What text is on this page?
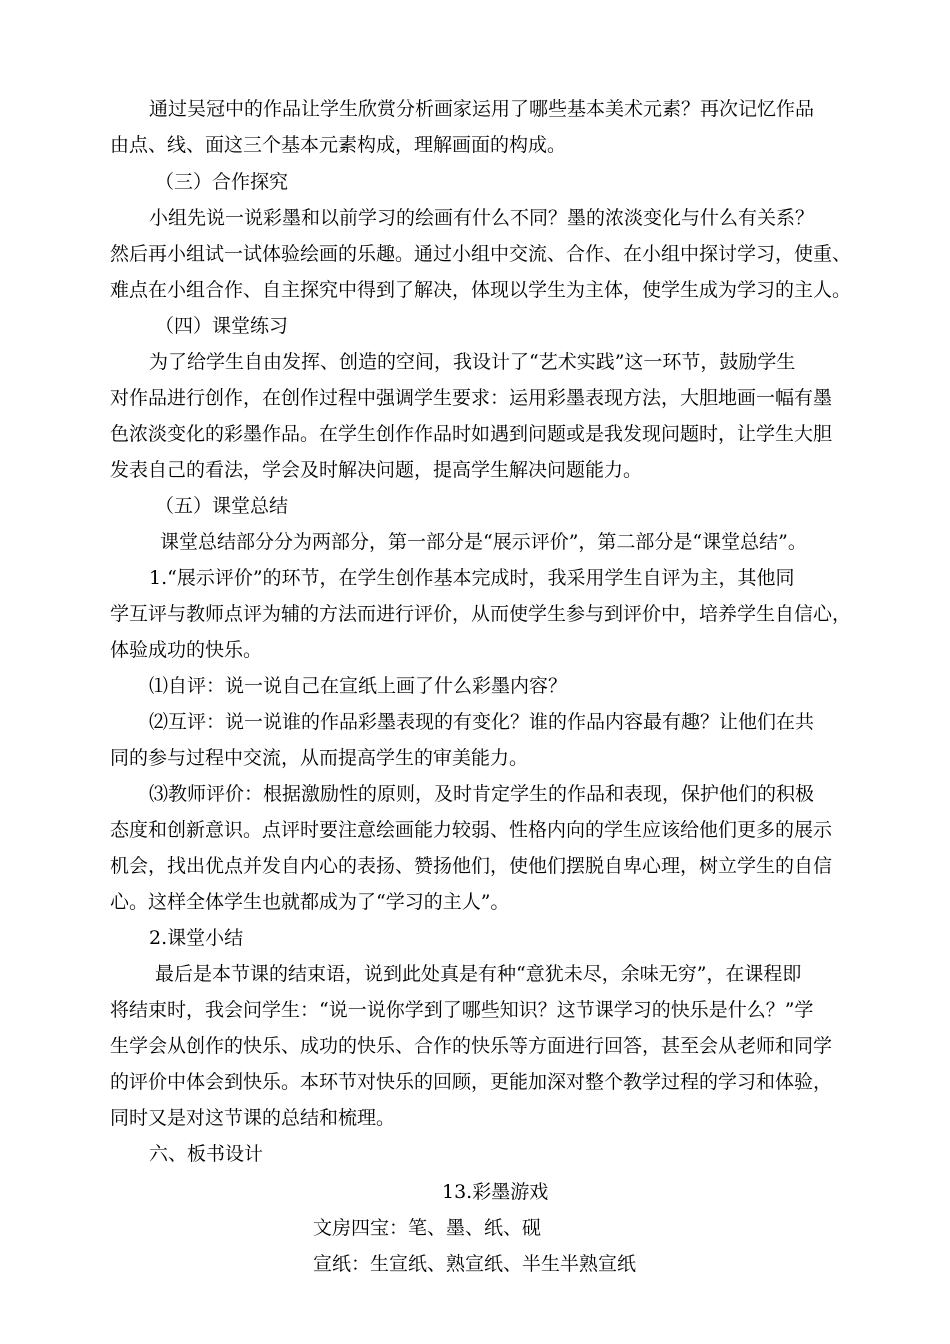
通过吴冠中的作品让学生欣赏分析画家运用了哪些基本美术元素？再次记忆作品
由点、线、面这三个基本元素构成，理解画面的构成。
（三）合作探究
小组先说一说彩墨和以前学习的绘画有什么不同？墨的浓淡变化与什么有关系？
然后再小组试一试体验绘画的乐趣。通过小组中交流、合作、在小组中探讨学习，使重、
难点在小组合作、自主探究中得到了解决，体现以学生为主体，使学生成为学习的主人。
（四）课堂练习
为了给学生自由发挥、创造的空间，我设计了“艺术实践”这一环节，鼓励学生
对作品进行创作，在创作过程中强调学生要求：运用彩墨表现方法，大胆地画一幅有墨
色浓淡变化的彩墨作品。在学生创作作品时如遇到问题或是我发现问题时，让学生大胆
发表自己的看法，学会及时解决问题，提高学生解决问题能力。
（五）课堂总结
课堂总结部分分为两部分，第一部分是“展示评价”，第二部分是“课堂总结”。
1.“展示评价”的环节，在学生创作基本完成时，我采用学生自评为主，其他同
学互评与教师点评为辅的方法而进行评价，从而使学生参与到评价中，培养学生自信心，
体验成功的快乐。
⑴自评：说一说自己在宣纸上画了什么彩墨内容？
⑵互评：说一说谁的作品彩墨表现的有变化？谁的作品内容最有趣？让他们在共
同的参与过程中交流，从而提高学生的审美能力。
⑶教师评价：根据激励性的原则，及时肯定学生的作品和表现，保护他们的积极
态度和创新意识。点评时要注意绘画能力较弱、性格内向的学生应该给他们更多的展示
机会，找出优点并发自内心的表扬、赞扬他们，使他们摆脱自卑心理，树立学生的自信
心。这样全体学生也就都成为了“学习的主人”。
2.课堂小结
最后是本节课的结束语，说到此处真是有种“意犹未尽，余味无穷”，在课程即
将结束时，我会问学生：“说一说你学到了哪些知识？这节课学习的快乐是什么？”学
生学会从创作的快乐、成功的快乐、合作的快乐等方面进行回答，甚至会从老师和同学
的评价中体会到快乐。本环节对快乐的回顾，更能加深对整个教学过程的学习和体验，
同时又是对这节课的总结和梳理。
六、板书设计
13.彩墨游戏
文房四宝：笔、墨、纸、砚
宣纸：生宣纸、熟宣纸、半生半熟宣纸
